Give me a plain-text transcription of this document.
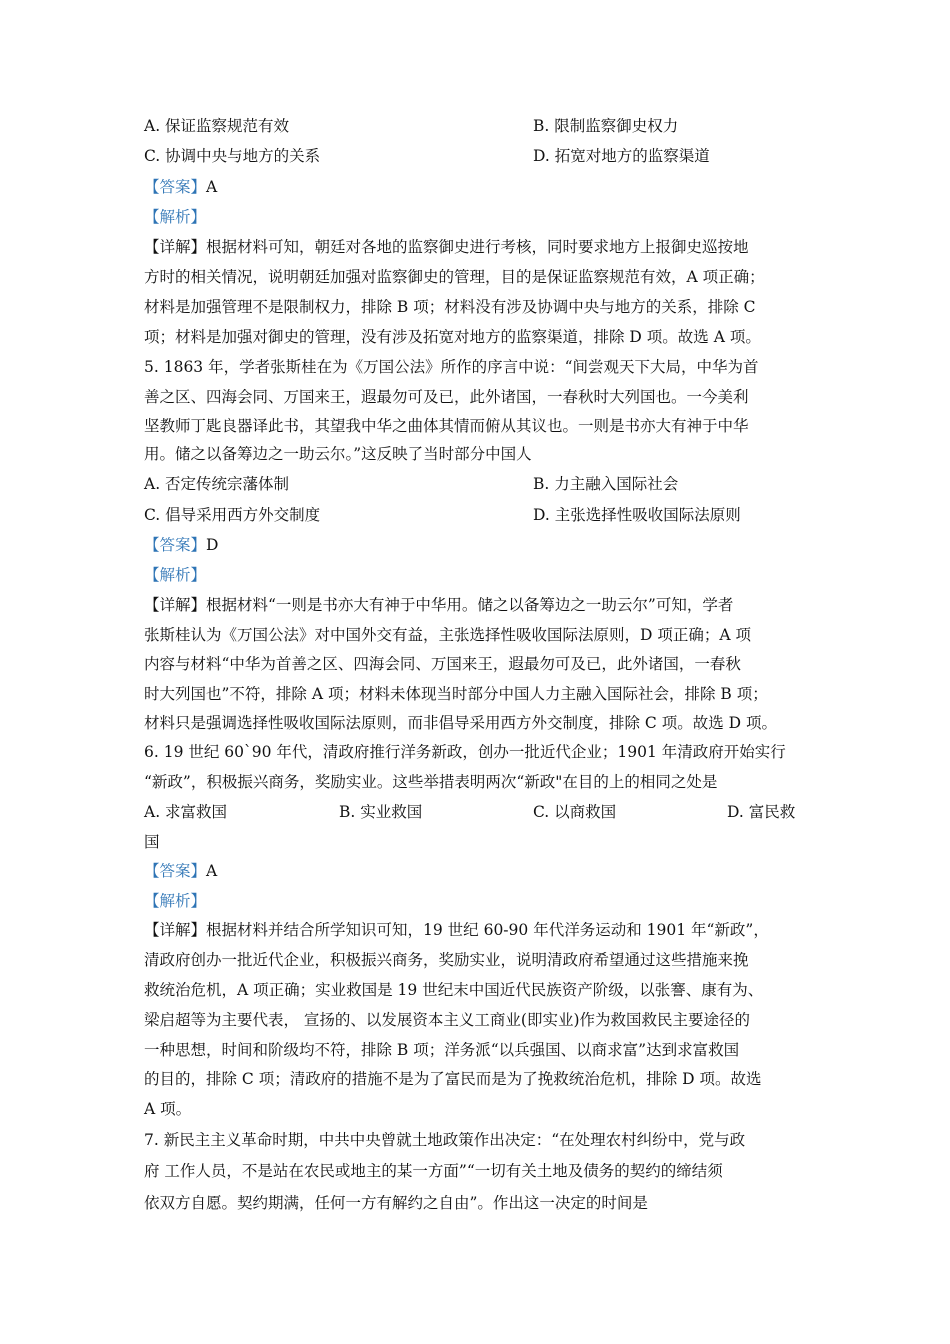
A. 保证监察规范有效	B. 限制监察御史权力
C. 协调中央与地方的关系	D. 拓宽对地方的监察渠道
【答案】A
【解析】
【详解】根据材料可知，朝廷对各地的监察御史进行考核，同时要求地方上报御史巡按地
方时的相关情况，说明朝廷加强对监察御史的管理，目的是保证监察规范有效，A 项正确；
材料是加强管理不是限制权力，排除 B 项；材料没有涉及协调中央与地方的关系，排除 C
项；材料是加强对御史的管理，没有涉及拓宽对地方的监察渠道，排除 D 项。故选 A 项。
5. 1863 年，学者张斯桂在为《万国公法》所作的序言中说：“间尝观天下大局，中华为首
善之区、四海会同、万国来王，遐最勿可及已，此外诸国，一春秋时大列国也。一今美利
坚教师丁匙良器译此书，其望我中华之曲体其情而俯从其议也。一则是书亦大有神于中华
用。储之以备筹边之一助云尔。”这反映了当时部分中国人
A. 否定传统宗藩体制	B. 力主融入国际社会
C. 倡导采用西方外交制度	D. 主张选择性吸收国际法原则
【答案】D
【解析】
【详解】根据材料“一则是书亦大有神于中华用。储之以备筹边之一助云尔”可知，学者
张斯桂认为《万国公法》对中国外交有益，主张选择性吸收国际法原则，D 项正确；A 项
内容与材料“中华为首善之区、四海会同、万国来王，遐最勿可及已，此外诸国，一春秋
时大列国也”不符，排除 A 项；材料未体现当时部分中国人力主融入国际社会，排除 B 项；
材料只是强调选择性吸收国际法原则，而非倡导采用西方外交制度，排除 C 项。故选 D 项。
6. 19 世纪 60`90 年代，清政府推行洋务新政，创办一批近代企业；1901 年清政府开始实行
“新政”，积极振兴商务，奖励实业。这些举措表明两次“新政"在目的上的相同之处是
A. 求富救国	B. 实业救国	C. 以商救国	D. 富民救
国
【答案】A
【解析】
【详解】根据材料并结合所学知识可知，19 世纪 60-90 年代洋务运动和 1901 年“新政”，
清政府创办一批近代企业，积极振兴商务，奖励实业，说明清政府希望通过这些措施来挽
救统治危机，A 项正确；实业救国是 19 世纪末中国近代民族资产阶级，以张謇、康有为、
梁启超等为主要代表， 宣扬的、以发展资本主义工商业(即实业)作为救国救民主要途径的
一种思想，时间和阶级均不符，排除 B 项；洋务派“以兵强国、以商求富”达到求富救国
的目的，排除 C 项；清政府的措施不是为了富民而是为了挽救统治危机，排除 D 项。故选
A 项。
7. 新民主主义革命时期，中共中央曾就土地政策作出决定：“在处理农村纠纷中，党与政
府 工作人员，不是站在农民或地主的某一方面”“一切有关土地及债务的契约的缔结须
依双方自愿。契约期满，任何一方有解约之自由”。作出这一决定的时间是
